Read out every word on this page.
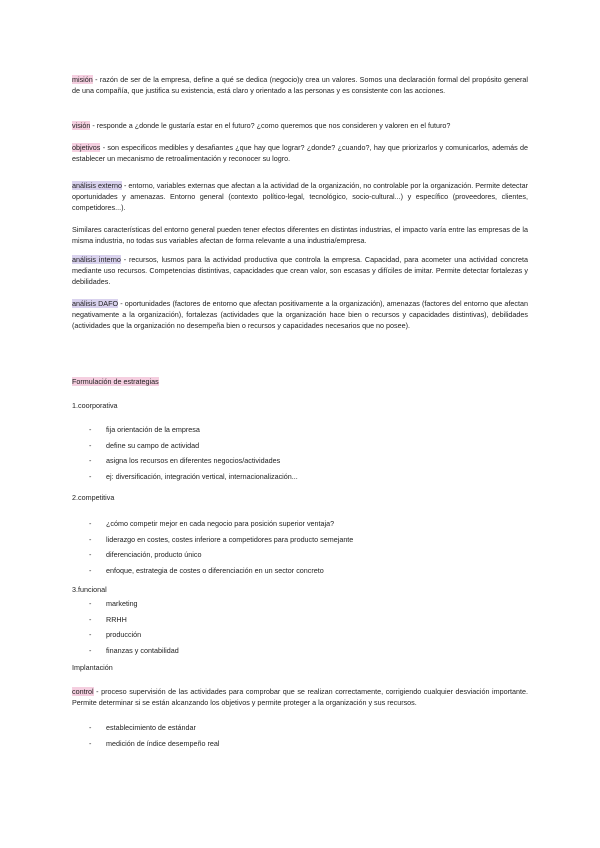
misión - razón de ser de la empresa, define a qué se dedica (negocio)y crea un valores. Somos una declaración formal del propósito general de una compañía, que justifica su existencia, está claro y orientado a las personas y es consistente con las acciones.
visión - responde a ¿donde le gustaría estar en el futuro? ¿como queremos que nos consideren y valoren en el futuro?
objetivos - son especificos medibles y desafiantes ¿que hay que lograr? ¿donde? ¿cuando?, hay que priorizarlos y comunicarlos, además de establecer un mecanismo de retroalimentación y reconocer su logro.
análisis externo - entorno, variables externas que afectan a la actividad de la organización, no controlable por la organización. Permite detectar oportunidades y amenazas. Entorno general (contexto político-legal, tecnológico, socio-cultural...) y específico (proveedores, clientes, competidores...).
Similares características del entorno general pueden tener efectos diferentes en distintas industrias, el impacto varía entre las empresas de la misma industria, no todas sus variables afectan de forma relevante a una industria/empresa.
análisis interno - recursos, lusmos para la actividad productiva que controla la empresa. Capacidad, para acometer una actividad concreta mediante uso recursos. Competencias distintivas, capacidades que crean valor, son escasas y difíciles de imitar. Permite detectar fortalezas y debilidades.
análisis DAFO - oportunidades (factores de entorno que afectan positivamente a la organización), amenazas (factores del entorno que afectan negativamente a la organización), fortalezas (actividades que la organización hace bien o recursos y capacidades distintivas), debilidades (actividades que la organización no desempeña bien o recursos y capacidades necesarios que no posee).
Formulación de estrategias
1.coorporativa
- fija orientación de la empresa
- define su campo de actividad
- asigna los recursos en diferentes negocios/actividades
- ej: diversificación, integración vertical, internacionalización...
2.competitiva
- ¿cómo competir mejor en cada negocio para posición superior ventaja?
- liderazgo en costes, costes inferiore a competidores para producto semejante
- diferenciación, producto único
- enfoque, estrategia de costes o diferenciación en un sector concreto
3.funcional
- marketing
- RRHH
- producción
- finanzas y contabilidad
Implantación
control - proceso supervisión de las actividades para comprobar que se realizan correctamente, corrigiendo cualquier desviación importante. Permite determinar si se están alcanzando los objetivos y permite proteger a la organización y sus recursos.
- establecimiento de estándar
- medición de índice desempeño real
